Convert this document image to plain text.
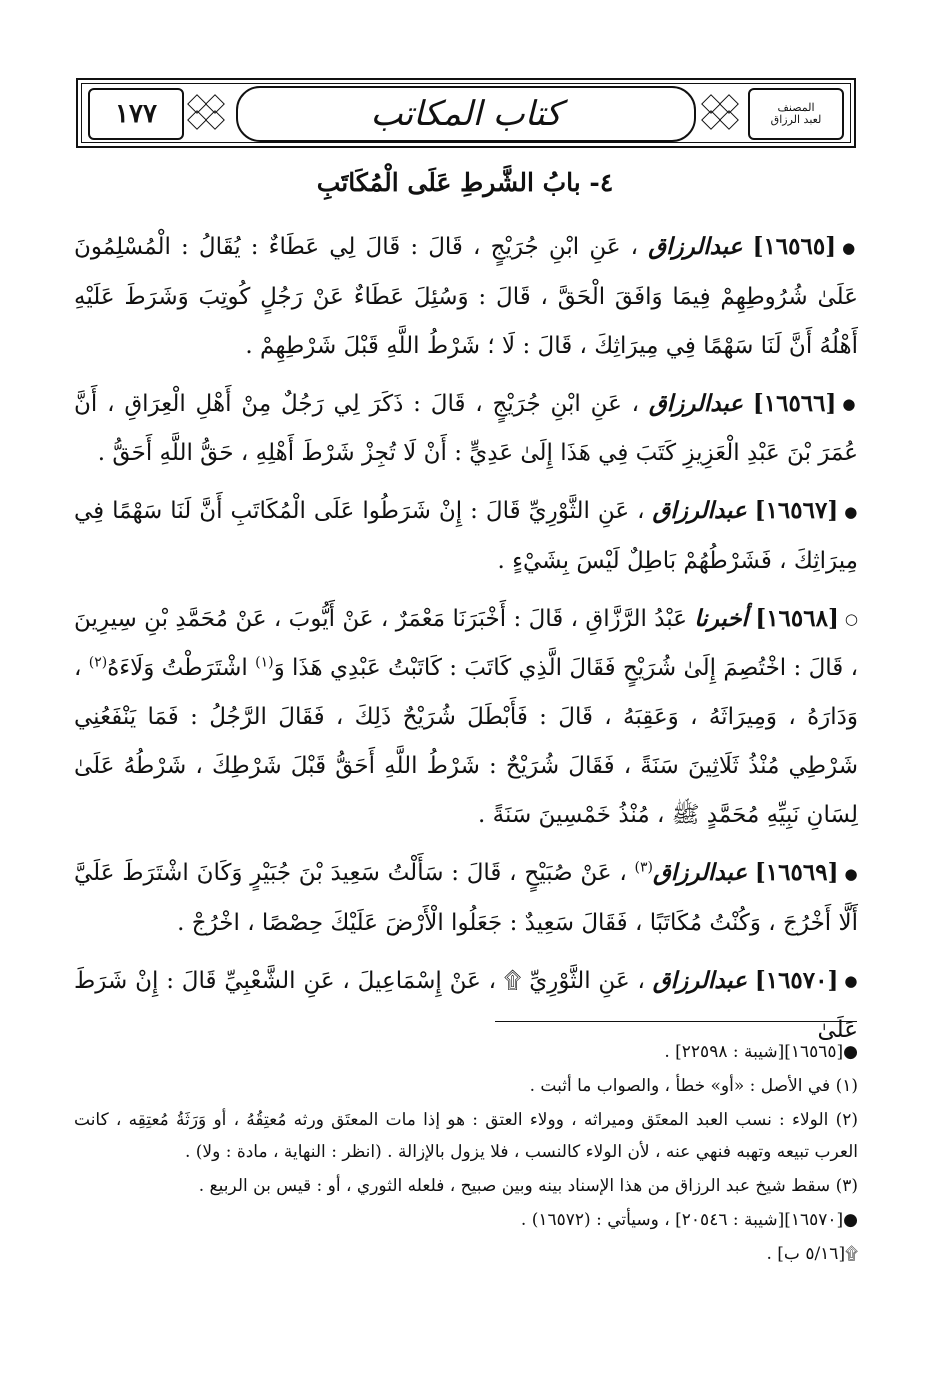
١٧٧	كتاب المكاتب	المصنف
لعبد الرزاق
٤- بابُ الشَّرطِ عَلَى الْمُكَاتَبِ

●[١٦٥٦٥] عبدالرزاق ، عَنِ ابْنِ جُرَيْجٍ ، قَالَ : قَالَ لِي عَطَاءٌ : يُقَالُ : الْمُسْلِمُونَ عَلَىٰ شُرُوطِهِمْ فِيمَا وَافَقَ الْحَقَّ ، قَالَ : وَسُئِلَ عَطَاءٌ عَنْ رَجُلٍ كُوتِبَ وَشَرَطَ عَلَيْهِ أَهْلُهُ أَنَّ لَنَا سَهْمًا فِي مِيرَاثِكَ ، قَالَ : لَا ؛ شَرْطُ اللَّهِ قَبْلَ شَرْطِهِمْ .

●[١٦٥٦٦] عبدالرزاق ، عَنِ ابْنِ جُرَيْجٍ ، قَالَ : ذَكَرَ لِي رَجُلٌ مِنْ أَهْلِ الْعِرَاقِ ، أَنَّ عُمَرَ بْنَ عَبْدِ الْعَزِيزِ كَتَبَ فِي هَذَا إِلَىٰ عَدِيٍّ : أَنْ لَا تُجِزْ شَرْطَ أَهْلِهِ ، حَقُّ اللَّهِ أَحَقُّ .

●[١٦٥٦٧] عبدالرزاق ، عَنِ الثَّوْرِيِّ قَالَ : إِنْ شَرَطُوا عَلَى الْمُكَاتَبِ أَنَّ لَنَا سَهْمًا فِي مِيرَاثِكَ ، فَشَرْطُهُمْ بَاطِلٌ لَيْسَ بِشَيْءٍ .

○[١٦٥٦٨] أخبرنا عَبْدُ الرَّزَّاقِ ، قَالَ : أَخْبَرَنَا مَعْمَرٌ ، عَنْ أَيُّوبَ ، عَنْ مُحَمَّدِ بْنِ سِيرِينَ ، قَالَ : اخْتُصِمَ إِلَىٰ شُرَيْحٍ فَقَالَ الَّذِي كَاتَبَ : كَاتَبْتُ عَبْدِي هَذَا وَ$^{(١)}$ اشْتَرَطْتُ وَلَاءَهُ$^{(٢)}$ ، وَدَارَهُ ، وَمِيرَاثَهُ ، وَعَقِبَهُ ، قَالَ : فَأَبْطَلَ شُرَيْحٌ ذَلِكَ ، فَقَالَ الرَّجُلُ : فَمَا يَنْفَعُنِي شَرْطِي مُنْذُ ثَلَاثِينَ سَنَةً ، فَقَالَ شُرَيْحٌ : شَرْطُ اللَّهِ أَحَقُّ قَبْلَ شَرْطِكَ ، شَرْطُهُ عَلَىٰ لِسَانِ نَبِيِّهِ مُحَمَّدٍ ﷺ ، مُنْذُ خَمْسِينَ سَنَةً .

●[١٦٥٦٩] عبدالرزاق$^{(٣)}$ ، عَنْ صُبَيْحٍ ، قَالَ : سَأَلْتُ سَعِيدَ بْنَ جُبَيْرٍ وَكَانَ اشْتَرَطَ عَلَيَّ أَلَّا أَخْرُجَ ، وَكُنْتُ مُكَاتَبًا ، فَقَالَ سَعِيدٌ : جَعَلُوا الْأَرْضَ عَلَيْكَ حِصْصًا ، اخْرُجْ .

●[١٦٥٧٠] عبدالرزاق ، عَنِ الثَّوْرِيِّ ۩ ، عَنْ إِسْمَاعِيلَ ، عَنِ الشَّعْبِيِّ قَالَ : إِنْ شَرَطَ عَلَىٰ

●[١٦٥٦٥][شيبة : ٢٢٥٩٨] .

(١) في الأصل : «أو» خطأ ، والصواب ما أثبت .

(٢) الولاء : نسب العبد المعتَق وميراثه ، وولاء العتق : هو إذا مات المعتَق ورثه مُعتِقُهُ ، أو وَرَثَةُ مُعتِقِه ، كانت العرب تبيعه وتهبه فنهي عنه ، لأن الولاء كالنسب ، فلا يزول بالإزالة . (انظر : النهاية ، مادة : ولا) .

(٣) سقط شيخ عبد الرزاق من هذا الإسناد بينه وبين صبيح ، فلعله الثوري ، أو : قيس بن الربيع .

●[١٦٥٧٠][شيبة : ٢٠٥٤٦] ، وسيأتي : (١٦٥٧٢) .

۩[٥/١٦ ب] .
